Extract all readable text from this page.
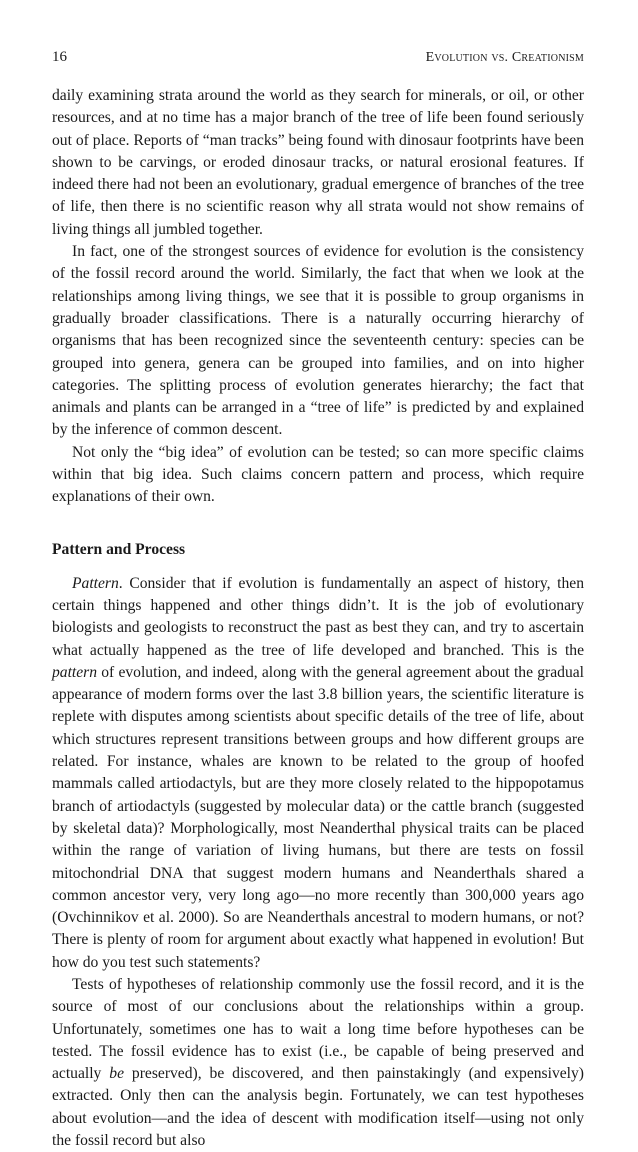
16	Evolution vs. Creationism

daily examining strata around the world as they search for minerals, or oil, or other resources, and at no time has a major branch of the tree of life been found seriously out of place. Reports of “man tracks” being found with dinosaur footprints have been shown to be carvings, or eroded dinosaur tracks, or natural erosional features. If indeed there had not been an evolutionary, gradual emergence of branches of the tree of life, then there is no scientific reason why all strata would not show remains of living things all jumbled together.

In fact, one of the strongest sources of evidence for evolution is the consistency of the fossil record around the world. Similarly, the fact that when we look at the relationships among living things, we see that it is possible to group organisms in gradually broader classifications. There is a naturally occurring hierarchy of organisms that has been recognized since the seventeenth century: species can be grouped into genera, genera can be grouped into families, and on into higher categories. The splitting process of evolution generates hierarchy; the fact that animals and plants can be arranged in a “tree of life” is predicted by and explained by the inference of common descent.

Not only the “big idea” of evolution can be tested; so can more specific claims within that big idea. Such claims concern pattern and process, which require explanations of their own.

Pattern and Process

Pattern. Consider that if evolution is fundamentally an aspect of history, then certain things happened and other things didn’t. It is the job of evolutionary biologists and geologists to reconstruct the past as best they can, and try to ascertain what actually happened as the tree of life developed and branched. This is the pattern of evolution, and indeed, along with the general agreement about the gradual appearance of modern forms over the last 3.8 billion years, the scientific literature is replete with disputes among scientists about specific details of the tree of life, about which structures represent transitions between groups and how different groups are related. For instance, whales are known to be related to the group of hoofed mammals called artiodactyls, but are they more closely related to the hippopotamus branch of artiodactyls (suggested by molecular data) or the cattle branch (suggested by skeletal data)? Morphologically, most Neanderthal physical traits can be placed within the range of variation of living humans, but there are tests on fossil mitochondrial DNA that suggest modern humans and Neanderthals shared a common ancestor very, very long ago—no more recently than 300,000 years ago (Ovchinnikov et al. 2000). So are Neanderthals ancestral to modern humans, or not? There is plenty of room for argument about exactly what happened in evolution! But how do you test such statements?

Tests of hypotheses of relationship commonly use the fossil record, and it is the source of most of our conclusions about the relationships within a group. Unfortunately, sometimes one has to wait a long time before hypotheses can be tested. The fossil evidence has to exist (i.e., be capable of being preserved and actually be preserved), be discovered, and then painstakingly (and expensively) extracted. Only then can the analysis begin. Fortunately, we can test hypotheses about evolution—and the idea of descent with modification itself—using not only the fossil record but also
